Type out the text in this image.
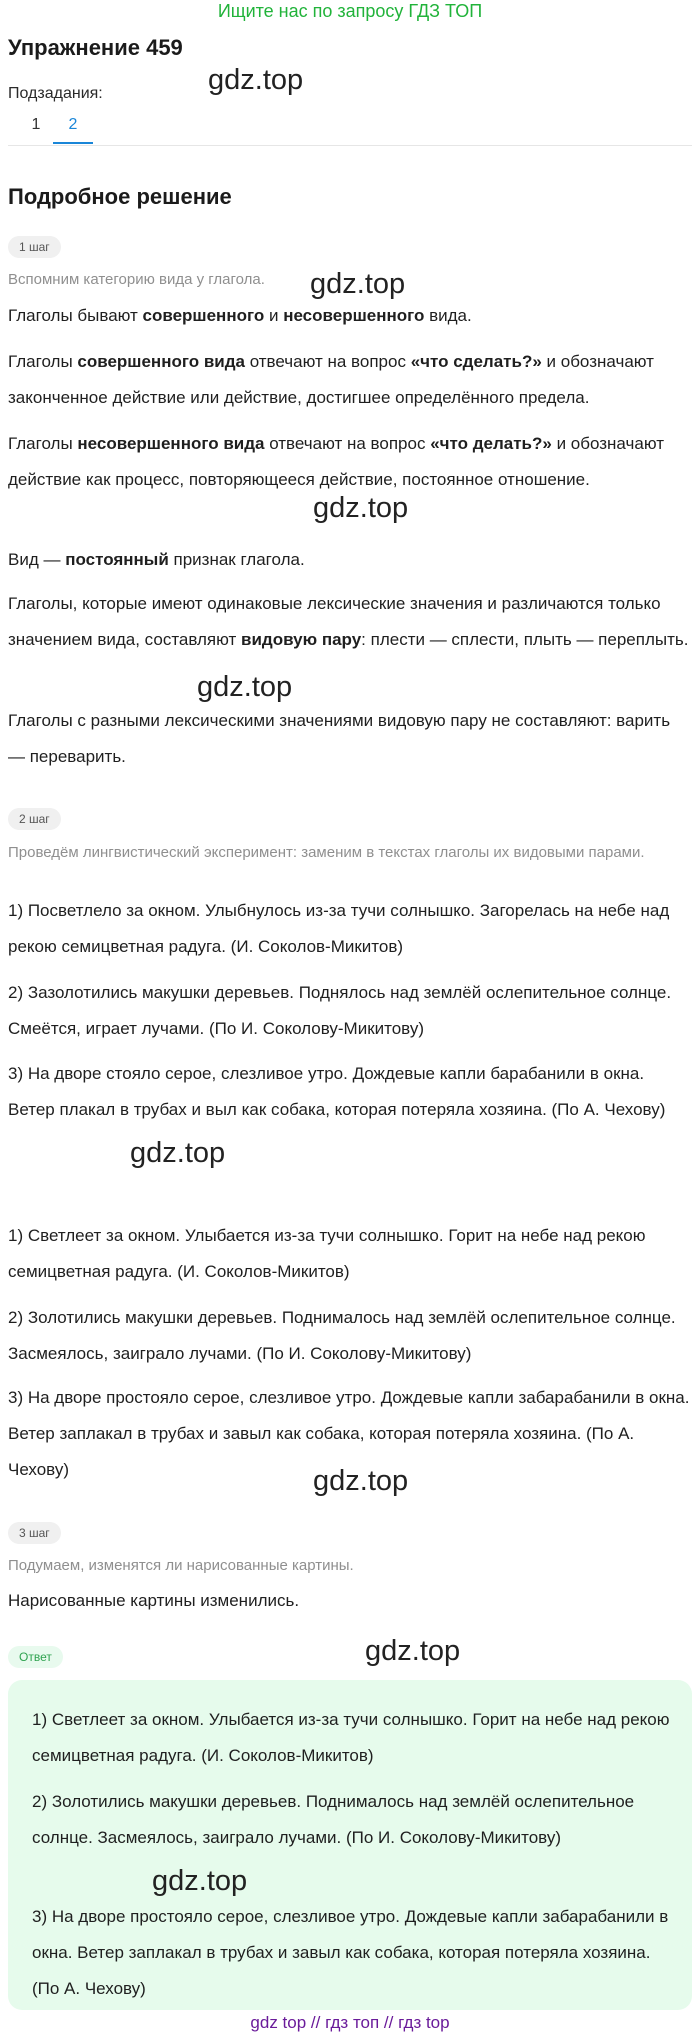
Ищите нас по запросу ГДЗ ТОП
Упражнение 459
Подзадания:
1	2
gdz.top
Подробное решение
1 шаг
Вспомним категорию вида у глагола.	gdz.top
Глаголы бывают совершенного и несовершенного вида.
Глаголы совершенного вида отвечают на вопрос «что сделать?» и обозначают законченное действие или действие, достигшее определённого предела.
Глаголы несовершенного вида отвечают на вопрос «что делать?» и обозначают действие как процесс, повторяющееся действие, постоянное отношение.
gdz.top
Вид — постоянный признак глагола.
Глаголы, которые имеют одинаковые лексические значения и различаются только значением вида, составляют видовую пару: плести — сплести, плыть — переплыть.
gdz.top
Глаголы с разными лексическими значениями видовую пару не составляют: варить — переварить.
2 шаг
Проведём лингвистический эксперимент: заменим в текстах глаголы их видовыми парами.
1) Посветлело за окном. Улыбнулось из-за тучи солнышко. Загорелась на небе над рекою семицветная радуга. (И. Соколов-Микитов)
2) Зазолотились макушки деревьев. Поднялось над землёй ослепительное солнце. Смеётся, играет лучами. (По И. Соколову-Микитову)
3) На дворе стояло серое, слезливое утро. Дождевые капли барабанили в окна. Ветер плакал в трубах и выл как собака, которая потеряла хозяина. (По А. Чехову)
gdz.top
1) Светлеет за окном. Улыбается из-за тучи солнышко. Горит на небе над рекою семицветная радуга. (И. Соколов-Микитов)
2) Золотились макушки деревьев. Поднималось над землёй ослепительное солнце. Засмеялось, заиграло лучами. (По И. Соколову-Микитову)
3) На дворе простояло серое, слезливое утро. Дождевые капли забарабанили в окна. Ветер заплакал в трубах и завыл как собака, которая потеряла хозяина. (По А. Чехову)	gdz.top
3 шаг
Подумаем, изменятся ли нарисованные картины.
Нарисованные картины изменились.
Ответ	gdz.top
1) Светлеет за окном. Улыбается из-за тучи солнышко. Горит на небе над рекою семицветная радуга. (И. Соколов-Микитов)
2) Золотились макушки деревьев. Поднималось над землёй ослепительное солнце. Засмеялось, заиграло лучами. (По И. Соколову-Микитову)
gdz.top
3) На дворе простояло серое, слезливое утро. Дождевые капли забарабанили в окна. Ветер заплакал в трубах и завыл как собака, которая потеряла хозяина. (По А. Чехову)
gdz top // гдз топ // гдз top
